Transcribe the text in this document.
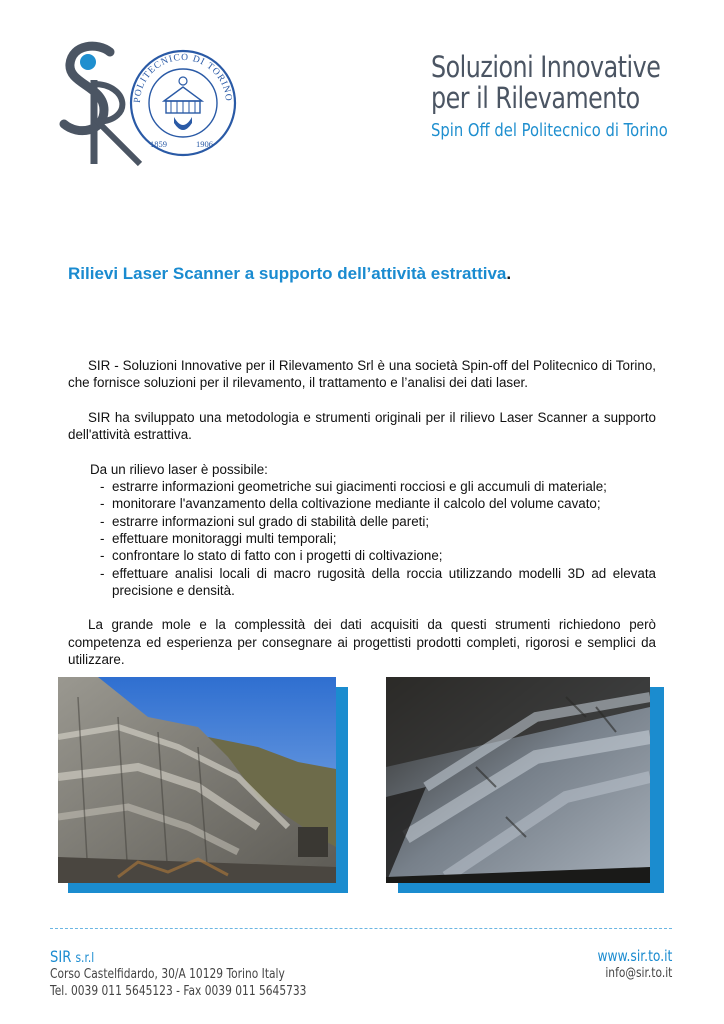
POLITECNICO DI TORINO
1859	1906
Soluzioni Innovative
per il Rilevamento
Spin Off del Politecnico di Torino
Rilievi Laser Scanner a supporto dell’attività estrattiva.

SIR - Soluzioni Innovative per il Rilevamento Srl è una società Spin-off del Politecnico di Torino, che fornisce soluzioni per il rilevamento, il trattamento e l’analisi dei dati laser.

SIR ha sviluppato una metodologia e strumenti originali per il rilievo Laser Scanner a supporto dell'attività estrattiva.

Da un rilievo laser è possibile:
- estrarre informazioni geometriche sui giacimenti rocciosi e gli accumuli di materiale;
- monitorare l'avanzamento della coltivazione mediante il calcolo del volume cavato;
- estrarre informazioni sul grado di stabilità delle pareti;
- effettuare monitoraggi multi temporali;
- confrontare lo stato di fatto con i progetti di coltivazione;
- effettuare analisi locali di macro rugosità della roccia utilizzando modelli 3D ad elevata precisione e densità.

La grande mole e la complessità dei dati acquisiti da questi strumenti richiedono però competenza ed esperienza per consegnare ai progettisti prodotti completi, rigorosi e semplici da utilizzare.

SIR s.r.l
Corso Castelfidardo, 30/A 10129 Torino Italy
Tel. 0039 011 5645123 - Fax 0039 011 5645733
www.sir.to.it
info@sir.to.it
